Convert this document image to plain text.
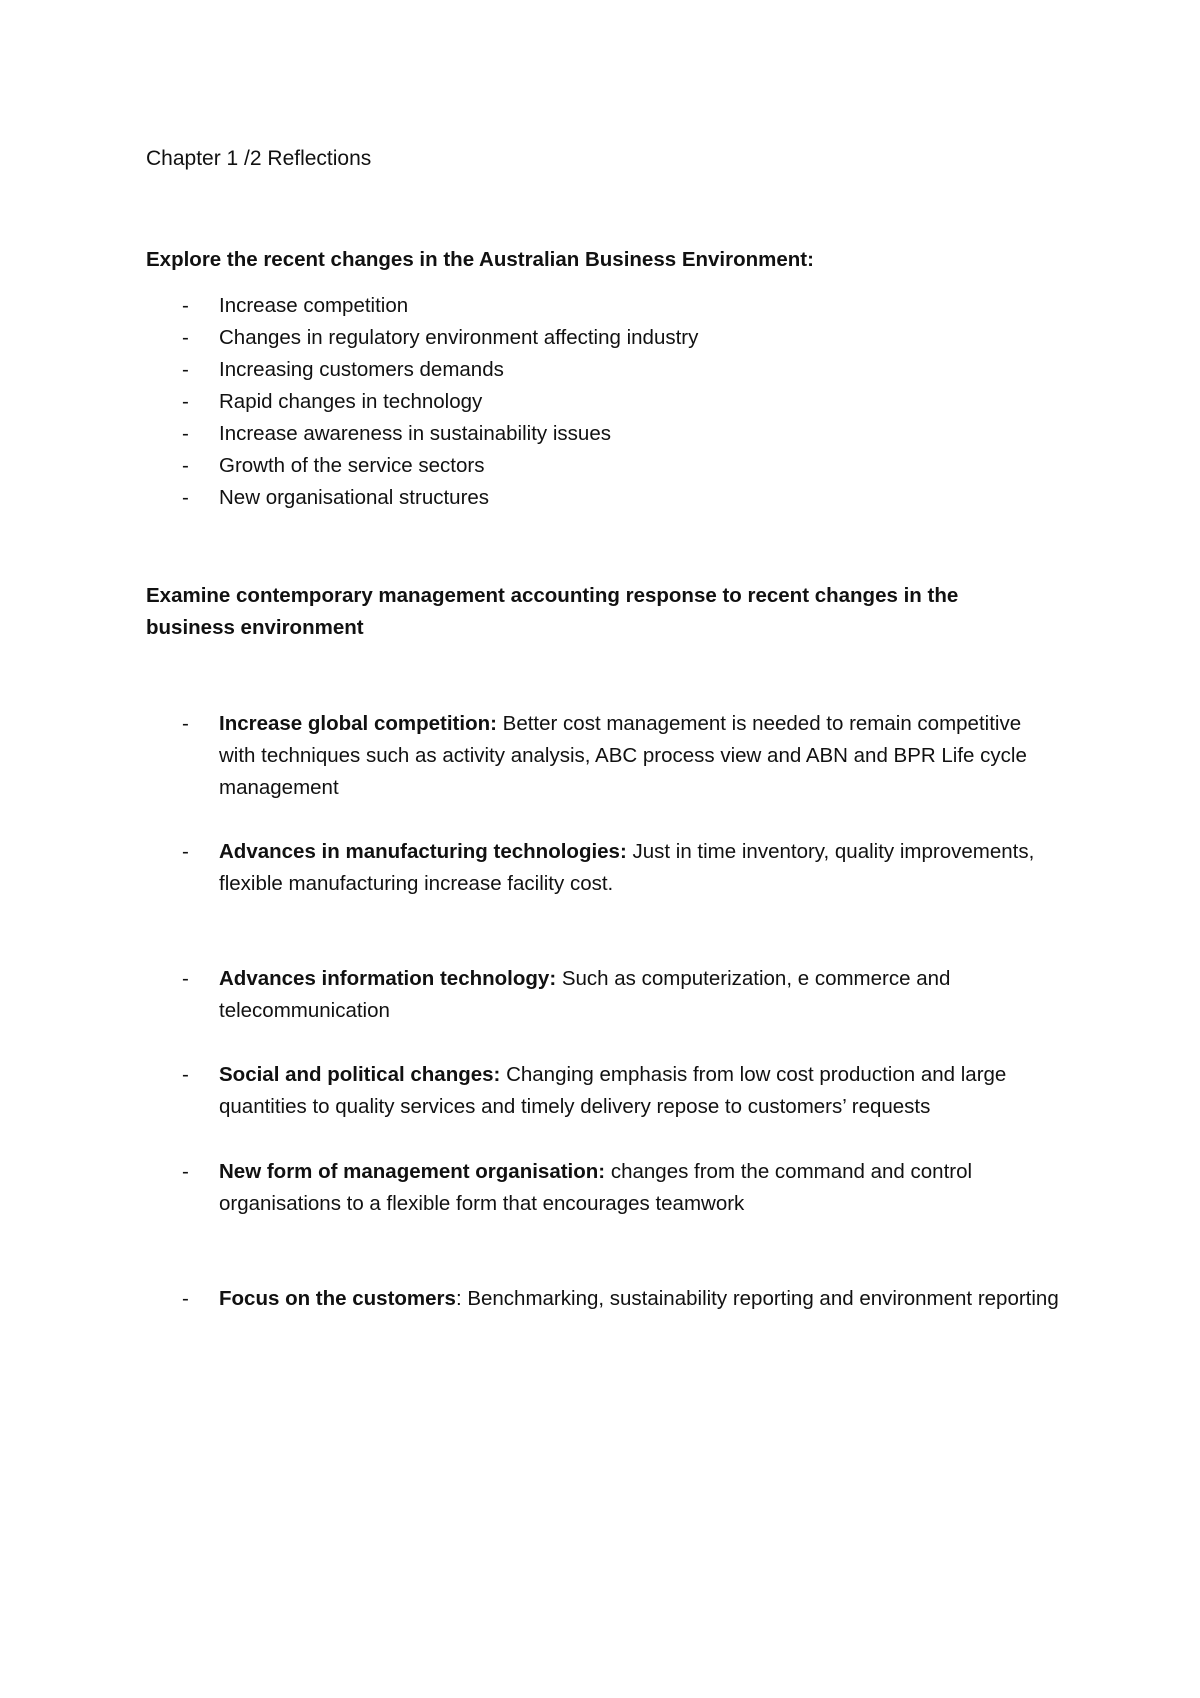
Chapter 1 /2 Reflections
Explore the recent changes in the Australian Business Environment:
- Increase competition
- Changes in regulatory environment affecting industry
- Increasing customers demands
- Rapid changes in technology
- Increase awareness in sustainability issues
- Growth of the service sectors
- New organisational structures
Examine contemporary management accounting response to recent changes in the business environment
- Increase global competition: Better cost management is needed to remain competitive with techniques such as activity analysis, ABC process view and ABN and BPR Life cycle management
- Advances in manufacturing technologies: Just in time inventory, quality improvements, flexible manufacturing increase facility cost.
- Advances information technology: Such as computerization, e commerce and telecommunication
- Social and political changes: Changing emphasis from low cost production and large quantities to quality services and timely delivery repose to customers’ requests
- New form of management organisation: changes from the command and control organisations to a flexible form that encourages teamwork
- Focus on the customers: Benchmarking, sustainability reporting and environment reporting
